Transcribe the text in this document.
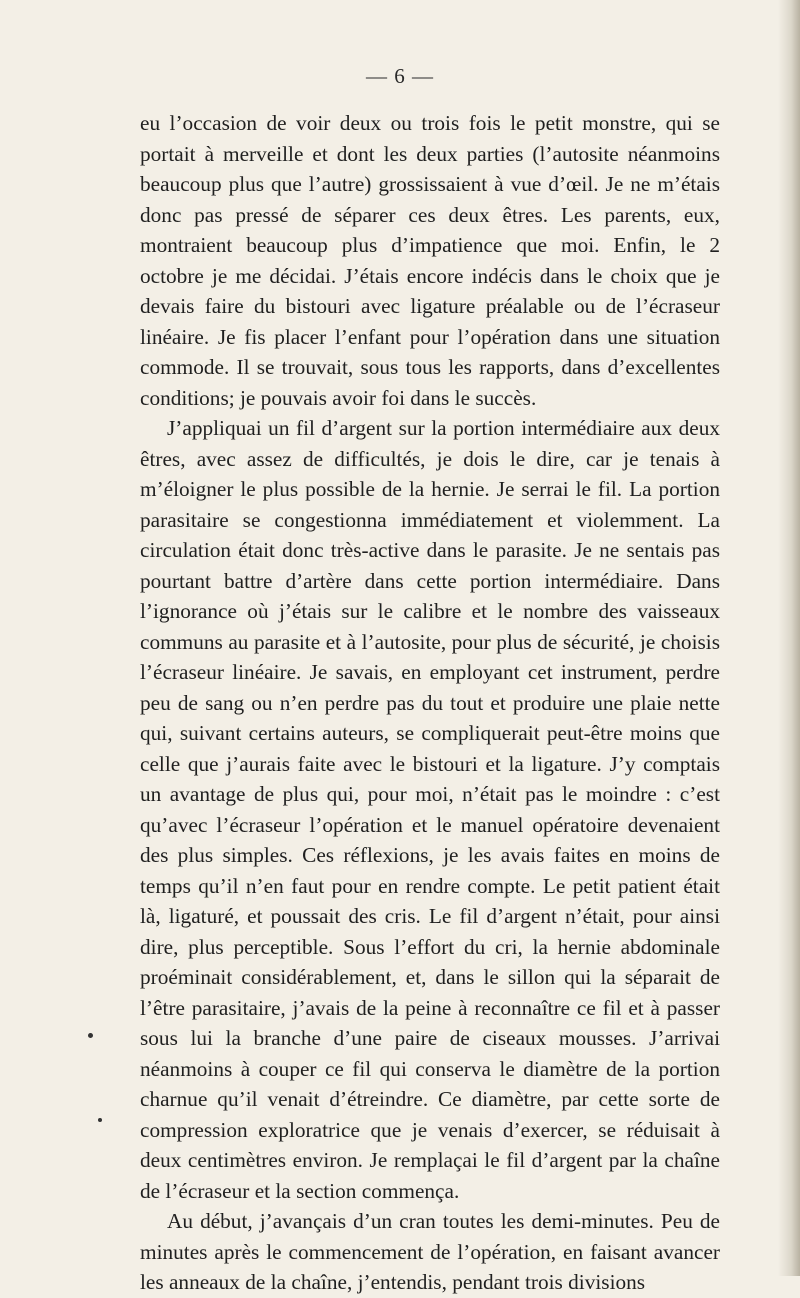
— 6 —

eu l’occasion de voir deux ou trois fois le petit monstre, qui se portait à merveille et dont les deux parties (l’autosite néanmoins beaucoup plus que l’autre) grossissaient à vue d’œil. Je ne m’étais donc pas pressé de séparer ces deux êtres. Les parents, eux, montraient beaucoup plus d’impatience que moi. Enfin, le 2 octobre je me décidai. J’étais encore indécis dans le choix que je devais faire du bistouri avec ligature préalable ou de l’écraseur linéaire. Je fis placer l’enfant pour l’opération dans une situation commode. Il se trouvait, sous tous les rapports, dans d’excellentes conditions; je pouvais avoir foi dans le succès.

J’appliquai un fil d’argent sur la portion intermédiaire aux deux êtres, avec assez de difficultés, je dois le dire, car je tenais à m’éloigner le plus possible de la hernie. Je serrai le fil. La portion parasitaire se congestionna immédiatement et violemment. La circulation était donc très-active dans le parasite. Je ne sentais pas pourtant battre d’artère dans cette portion intermédiaire. Dans l’ignorance où j’étais sur le calibre et le nombre des vaisseaux communs au parasite et à l’autosite, pour plus de sécurité, je choisis l’écraseur linéaire. Je savais, en employant cet instrument, perdre peu de sang ou n’en perdre pas du tout et produire une plaie nette qui, suivant certains auteurs, se compliquerait peut-être moins que celle que j’aurais faite avec le bistouri et la ligature. J’y comptais un avantage de plus qui, pour moi, n’était pas le moindre : c’est qu’avec l’écraseur l’opération et le manuel opératoire devenaient des plus simples. Ces réflexions, je les avais faites en moins de temps qu’il n’en faut pour en rendre compte. Le petit patient était là, ligaturé, et poussait des cris. Le fil d’argent n’était, pour ainsi dire, plus perceptible. Sous l’effort du cri, la hernie abdominale proéminait considérablement, et, dans le sillon qui la séparait de l’être parasitaire, j’avais de la peine à reconnaître ce fil et à passer sous lui la branche d’une paire de ciseaux mousses. J’arrivai néanmoins à couper ce fil qui conserva le diamètre de la portion charnue qu’il venait d’étreindre. Ce diamètre, par cette sorte de compression exploratrice que je venais d’exercer, se réduisait à deux centimètres environ. Je remplaçai le fil d’argent par la chaîne de l’écraseur et la section commença.

Au début, j’avançais d’un cran toutes les demi-minutes. Peu de minutes après le commencement de l’opération, en faisant avancer les anneaux de la chaîne, j’entendis, pendant trois divisions
